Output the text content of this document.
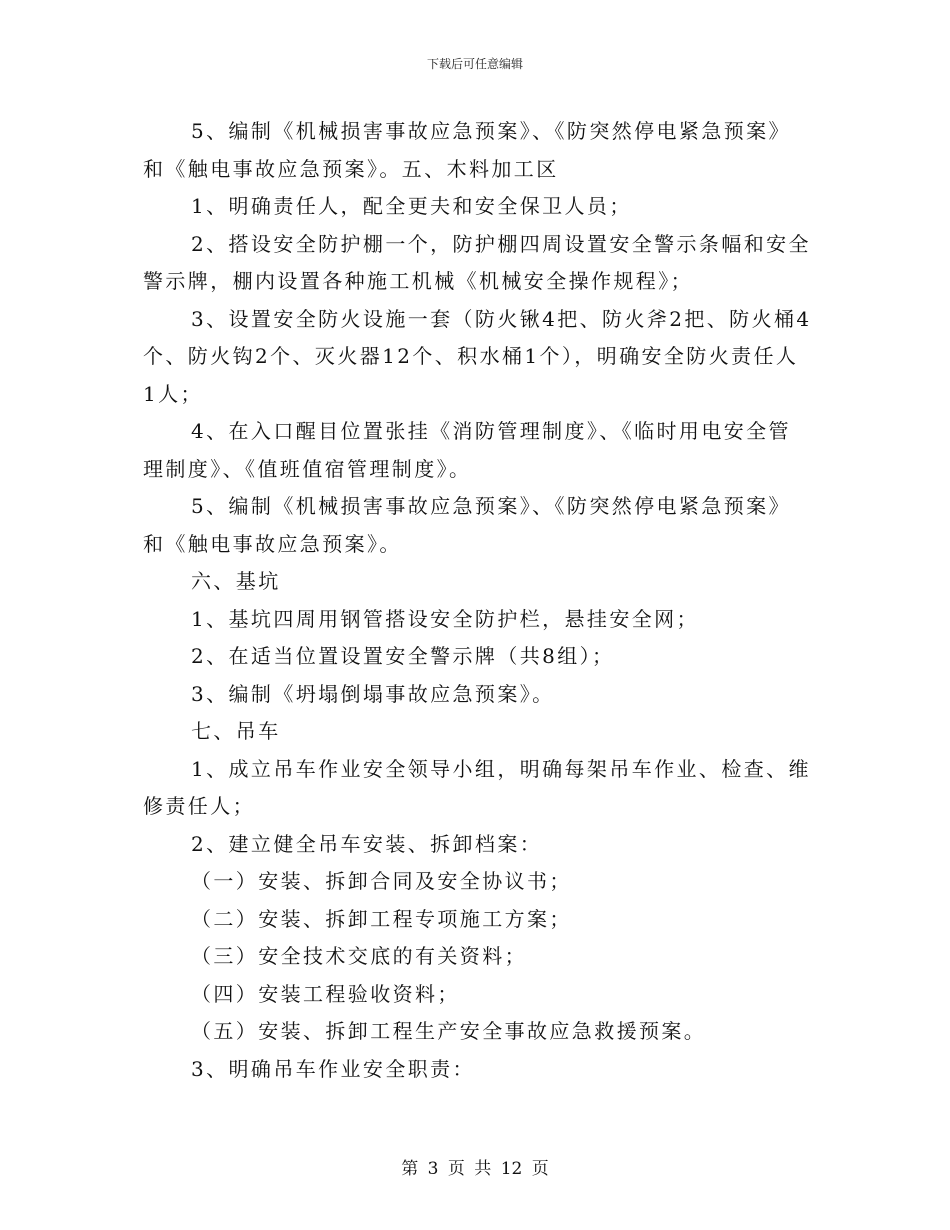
下载后可任意编辑
5、编制《机械损害事故应急预案》、《防突然停电紧急预案》
和《触电事故应急预案》。五、木料加工区
1、明确责任人，配全更夫和安全保卫人员；
2、搭设安全防护棚一个，防护棚四周设置安全警示条幅和安全
警示牌，棚内设置各种施工机械《机械安全操作规程》；
3、设置安全防火设施一套（防火锹4把、防火斧2把、防火桶4
个、防火钩2个、灭火器12个、积水桶1个），明确安全防火责任人
1人；
4、在入口醒目位置张挂《消防管理制度》、《临时用电安全管
理制度》、《值班值宿管理制度》。
5、编制《机械损害事故应急预案》、《防突然停电紧急预案》
和《触电事故应急预案》。
六、基坑
1、基坑四周用钢管搭设安全防护栏，悬挂安全网；
2、在适当位置设置安全警示牌（共8组）；
3、编制《坍塌倒塌事故应急预案》。
七、吊车
1、成立吊车作业安全领导小组，明确每架吊车作业、检查、维
修责任人；
2、建立健全吊车安装、拆卸档案：
（一）安装、拆卸合同及安全协议书；
（二）安装、拆卸工程专项施工方案；
（三）安全技术交底的有关资料；
（四）安装工程验收资料；
（五）安装、拆卸工程生产安全事故应急救援预案。
3、明确吊车作业安全职责：
第 3 页 共 12 页
